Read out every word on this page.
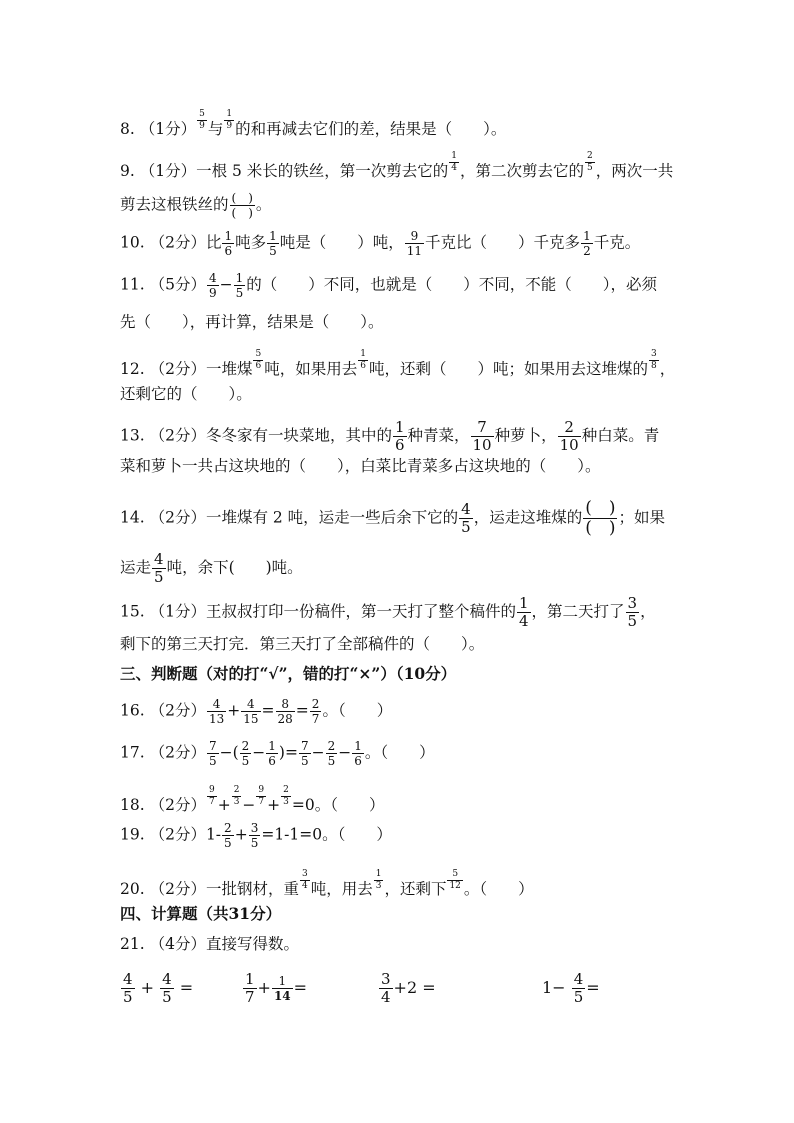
8. （1分） $\frac{5}{9}$ 与 $\frac{1}{9}$ 的和再减去它们的差，结果是（　　）。
9. （1分）一根 5 米长的铁丝，第一次剪去它的 $\frac{1}{4}$ ，第二次剪去它的 $\frac{2}{5}$ ，两次一共
剪去这根铁丝的 (　)
(　) 。
10. （2分）比 $\frac{1}{6}$ 吨多 $\frac{1}{5}$ 吨是（　　）吨， $\frac{9}{11}$ 千克比（　　）千克多 $\frac{1}{2}$ 千克。
11. （5分） $\frac{4}{9} - \frac{1}{5}$ 的（　　）不同，也就是（　　）不同，不能（　　），必须
先（　　），再计算，结果是（　　）。
12. （2分）一堆煤 $\frac{5}{6}$ 吨，如果用去 $\frac{1}{6}$ 吨，还剩（　　）吨；如果用去这堆煤的 $\frac{3}{8}$ ，
还剩它的（　　）。
13. （2分）冬冬家有一块菜地，其中的 $\frac{1}{6}$ 种青菜， $\frac{7}{10}$ 种萝卜， $\frac{2}{10}$ 种白菜。青
菜和萝卜一共占这块地的（　　），白菜比青菜多占这块地的（　　）。
14. （2分）一堆煤有 2 吨，运走一些后余下它的 $\frac{4}{5}$ ，运走这堆煤的 (　)
(　)
；如果
运走 $\frac{4}{5}$ 吨，余下(　　)吨。
15. （1分）王叔叔打印一份稿件，第一天打了整个稿件的 $\frac{1}{4}$ ，第二天打了 $\frac{3}{5}$ ，
剩下的第三天打完．第三天打了全部稿件的（　　）。
三、判断题（对的打“√”，错的打“×”）（10分）
16. （2分） $\frac{4}{13} + \frac{4}{15} = \frac{8}{28} = \frac{2}{7}$ 。（　　）
17. （2分） $\frac{7}{5}$ −( $\frac{2}{5} - \frac{1}{6}$ )= $\frac{7}{5} - \frac{2}{5} - \frac{1}{6}$ 。（　　）
18. （2分） $\frac{9}{7} + \frac{2}{3} - \frac{9}{7} + \frac{2}{3} =0$。（　　）
19. （2分）$1- \frac{2}{5} + \frac{3}{5} =1-1=0$。（　　）
20. （2分）一批钢材，重 $\frac{3}{4}$ 吨，用去 $\frac{1}{3}$ ，还剩下 $\frac{5}{12}$ 。（　　）
四、计算题（共31分）
21. （4分）直接写得数。
$\frac{4}{5} + \frac{4}{5}$ =	$\frac{1}{7} + \frac{1}{14}$ =	$\frac{3}{4} +2$ =	$1- \frac{4}{5}$ =
